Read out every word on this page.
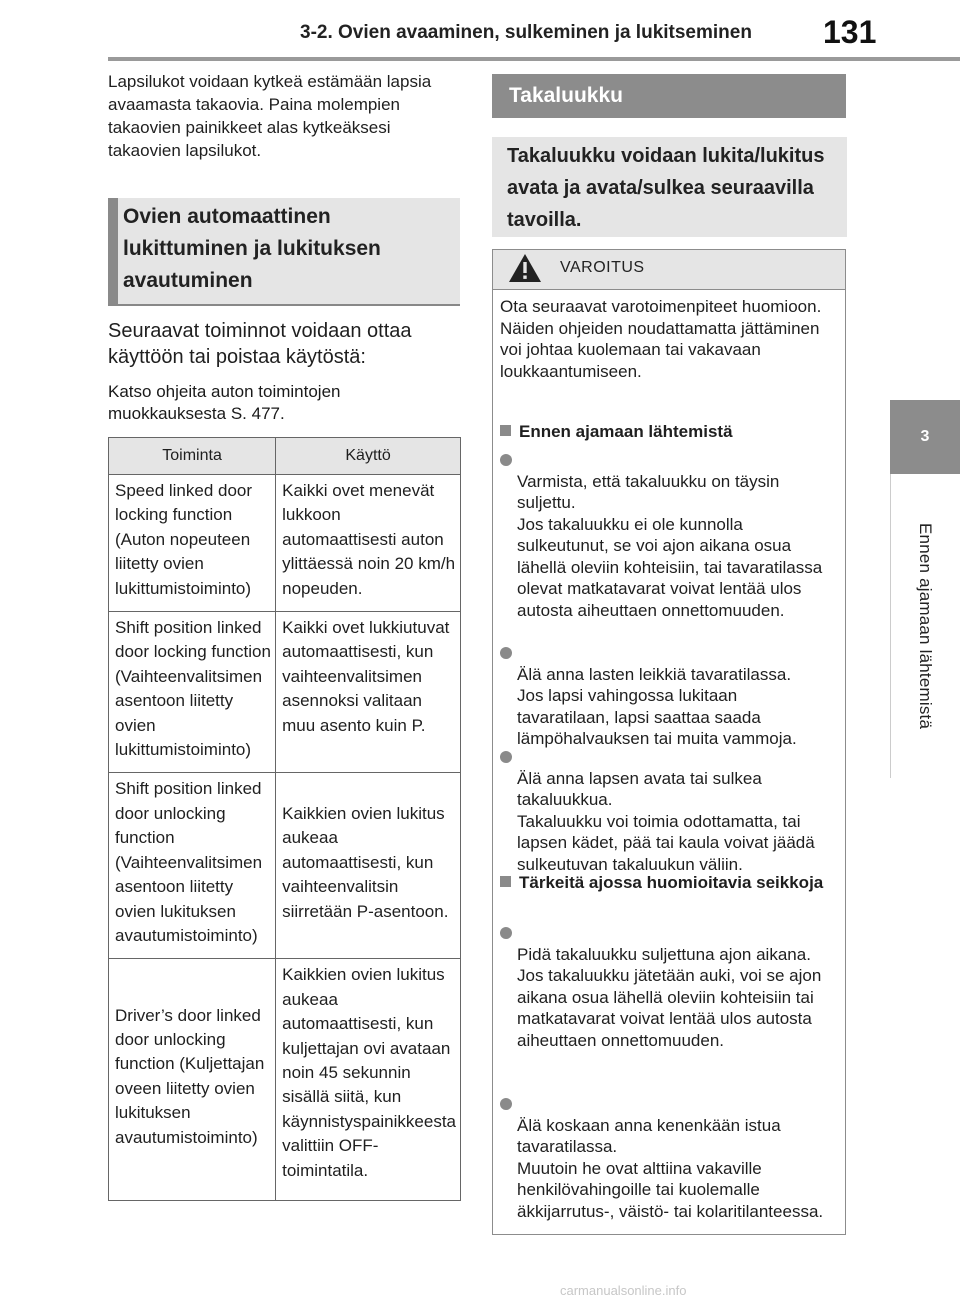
3-2. Ovien avaaminen, sulkeminen ja lukitseminen 131
3
Ennen ajamaan lähtemistä
Lapsilukot voidaan kytkeä estämään lapsia avaamasta takaovia. Paina molempien takaovien painikkeet alas kytkeäksesi takaovien lapsilukot.
Ovien automaattinen lukittuminen ja lukituksen avautuminen
Seuraavat toiminnot voidaan ottaa käyttöön tai poistaa käytöstä:
Katso ohjeita auton toimintojen muokkauksesta S. 477.
Toiminta	Käyttö
Speed linked door locking function (Auton nopeuteen liitetty ovien lukittumistoiminto)	Kaikki ovet menevät lukkoon automaattisesti auton ylittäessä noin 20 km/h nopeuden.
Shift position linked door locking function (Vaihteenvalitsimen asentoon liitetty ovien lukittumistoiminto)	Kaikki ovet lukkiutuvat automaattisesti, kun vaihteenvalitsimen asennoksi valitaan muu asento kuin P.
Shift position linked door unlocking function (Vaihteenvalitsimen asentoon liitetty ovien lukituksen avautumistoiminto)	Kaikkien ovien lukitus aukeaa automaattisesti, kun vaihteenvalitsin siirretään P-asentoon.
Driver’s door linked door unlocking function (Kuljettajan oveen liitetty ovien lukituksen avautumistoiminto)	Kaikkien ovien lukitus aukeaa automaattisesti, kun kuljettajan ovi avataan noin 45 sekunnin sisällä siitä, kun käynnistyspainikkeesta valittiin OFF-toimintatila.
Takaluukku
Takaluukku voidaan lukita/lukitus avata ja avata/sulkea seuraavilla tavoilla.
VAROITUS
Ota seuraavat varotoimenpiteet huomioon.
Näiden ohjeiden noudattamatta jättäminen voi johtaa kuolemaan tai vakavaan loukkaantumiseen.
Ennen ajamaan lähtemistä

Varmista, että takaluukku on täysin suljettu.
Jos takaluukku ei ole kunnolla sulkeutunut, se voi ajon aikana osua lähellä oleviin kohteisiin, tai tavaratilassa olevat matkatavarat voivat lentää ulos autosta aiheuttaen onnettomuuden.

Älä anna lasten leikkiä tavaratilassa.
Jos lapsi vahingossa lukitaan tavaratilaan, lapsi saattaa saada lämpöhalvauksen tai muita vammoja.

Älä anna lapsen avata tai sulkea takaluukkua.
Takaluukku voi toimia odottamatta, tai lapsen kädet, pää tai kaula voivat jäädä sulkeutuvan takaluukun väliin.

Tärkeitä ajossa huomioitavia seikkoja

Pidä takaluukku suljettuna ajon aikana.
Jos takaluukku jätetään auki, voi se ajon aikana osua lähellä oleviin kohteisiin tai matkatavarat voivat lentää ulos autosta aiheuttaen onnettomuuden.

Älä koskaan anna kenenkään istua tavaratilassa.
Muutoin he ovat alttiina vakaville henkilövahingoille tai kuolemalle äkkijarrutus-, väistö- tai kolaritilanteessa.

carmanualsonline.info
